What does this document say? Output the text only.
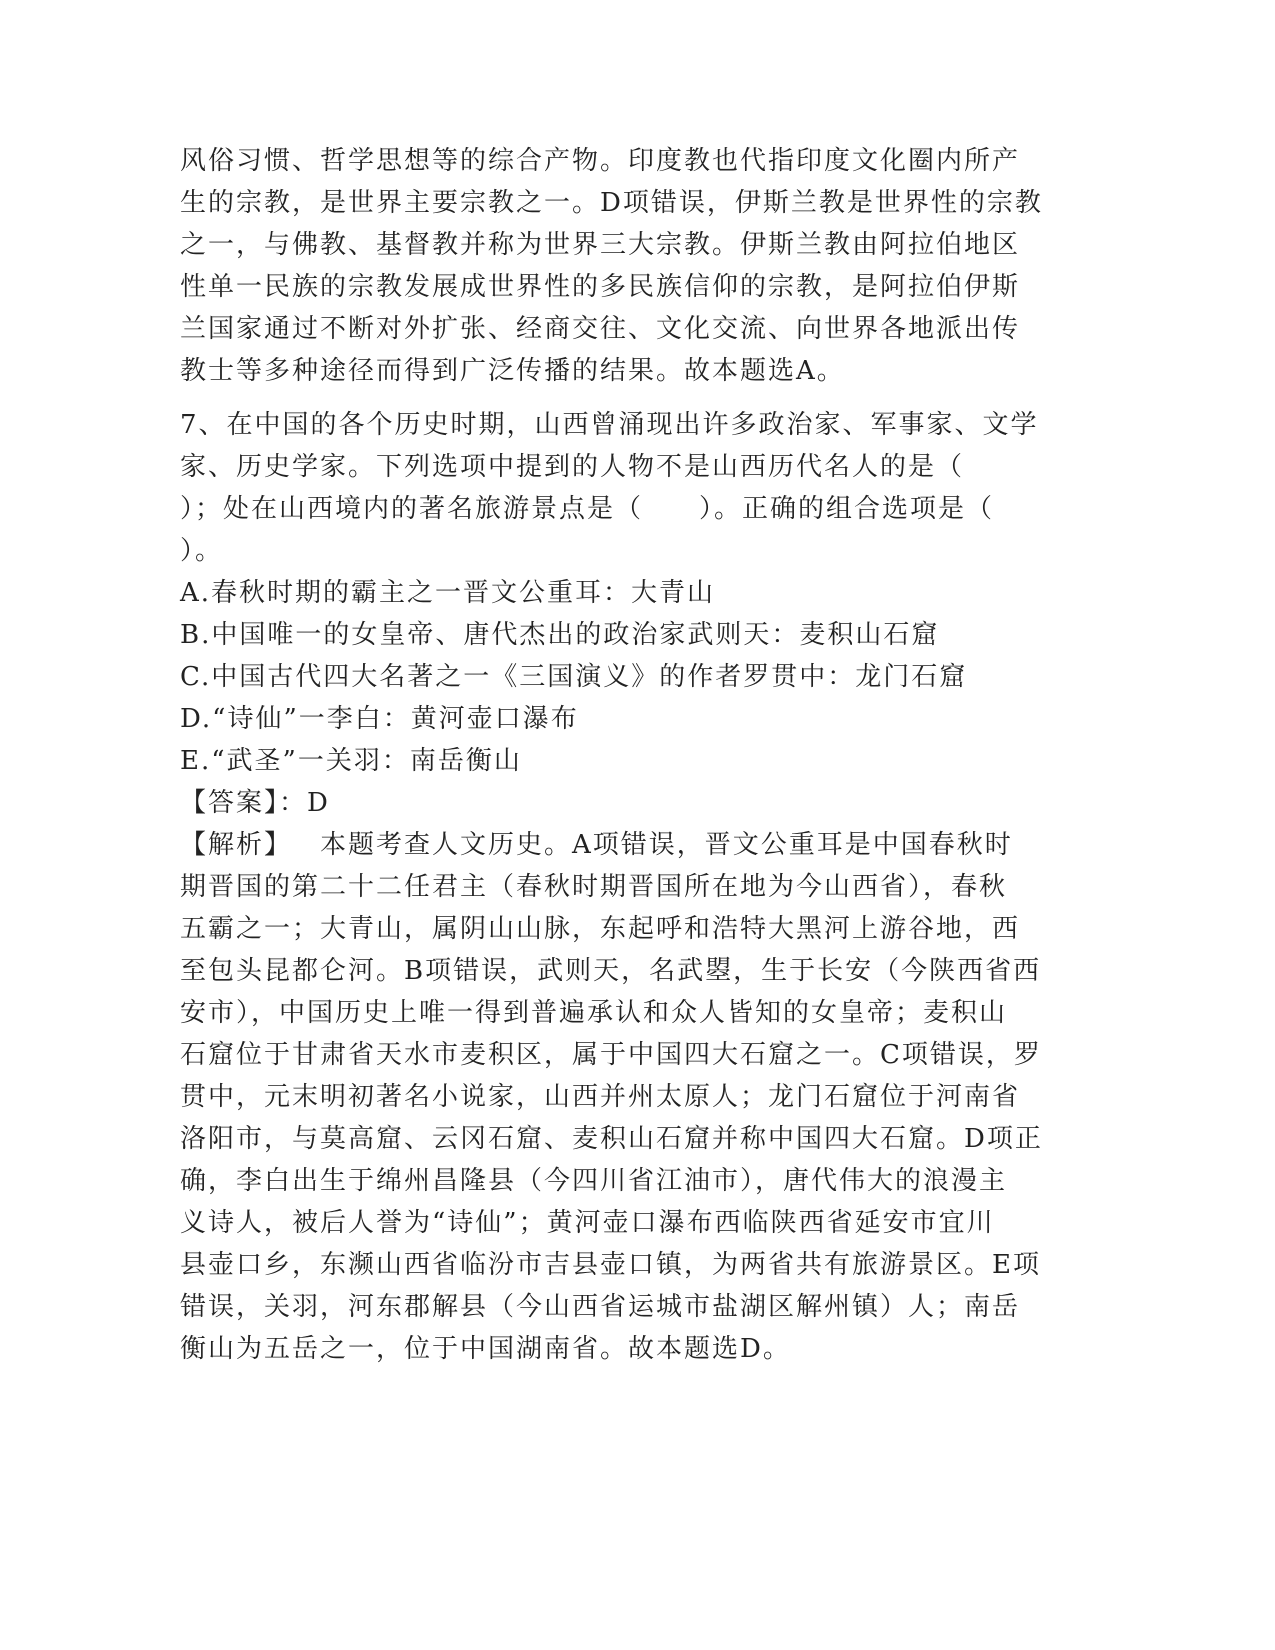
风俗习惯、哲学思想等的综合产物。印度教也代指印度文化圈内所产
生的宗教，是世界主要宗教之一。D项错误，伊斯兰教是世界性的宗教
之一，与佛教、基督教并称为世界三大宗教。伊斯兰教由阿拉伯地区
性单一民族的宗教发展成世界性的多民族信仰的宗教，是阿拉伯伊斯
兰国家通过不断对外扩张、经商交往、文化交流、向世界各地派出传
教士等多种途径而得到广泛传播的结果。故本题选A。
7、在中国的各个历史时期，山西曾涌现出许多政治家、军事家、文学
家、历史学家。下列选项中提到的人物不是山西历代名人的是（
）；处在山西境内的著名旅游景点是（　　）。正确的组合选项是（
）。
A.春秋时期的霸主之一晋文公重耳：大青山
B.中国唯一的女皇帝、唐代杰出的政治家武则天：麦积山石窟
C.中国古代四大名著之一《三国演义》的作者罗贯中：龙门石窟
D.“诗仙”一李白：黄河壶口瀑布
E.“武圣”一关羽：南岳衡山
【答案】：D
【解析】 本题考查人文历史。A项错误，晋文公重耳是中国春秋时
期晋国的第二十二任君主（春秋时期晋国所在地为今山西省），春秋
五霸之一；大青山，属阴山山脉，东起呼和浩特大黑河上游谷地，西
至包头昆都仑河。B项错误，武则天，名武曌，生于长安（今陕西省西
安市），中国历史上唯一得到普遍承认和众人皆知的女皇帝；麦积山
石窟位于甘肃省天水市麦积区，属于中国四大石窟之一。C项错误，罗
贯中，元末明初著名小说家，山西并州太原人；龙门石窟位于河南省
洛阳市，与莫高窟、云冈石窟、麦积山石窟并称中国四大石窟。D项正
确，李白出生于绵州昌隆县（今四川省江油市），唐代伟大的浪漫主
义诗人，被后人誉为“诗仙”；黄河壶口瀑布西临陕西省延安市宜川
县壶口乡，东濒山西省临汾市吉县壶口镇，为两省共有旅游景区。E项
错误，关羽，河东郡解县（今山西省运城市盐湖区解州镇）人；南岳
衡山为五岳之一，位于中国湖南省。故本题选D。
